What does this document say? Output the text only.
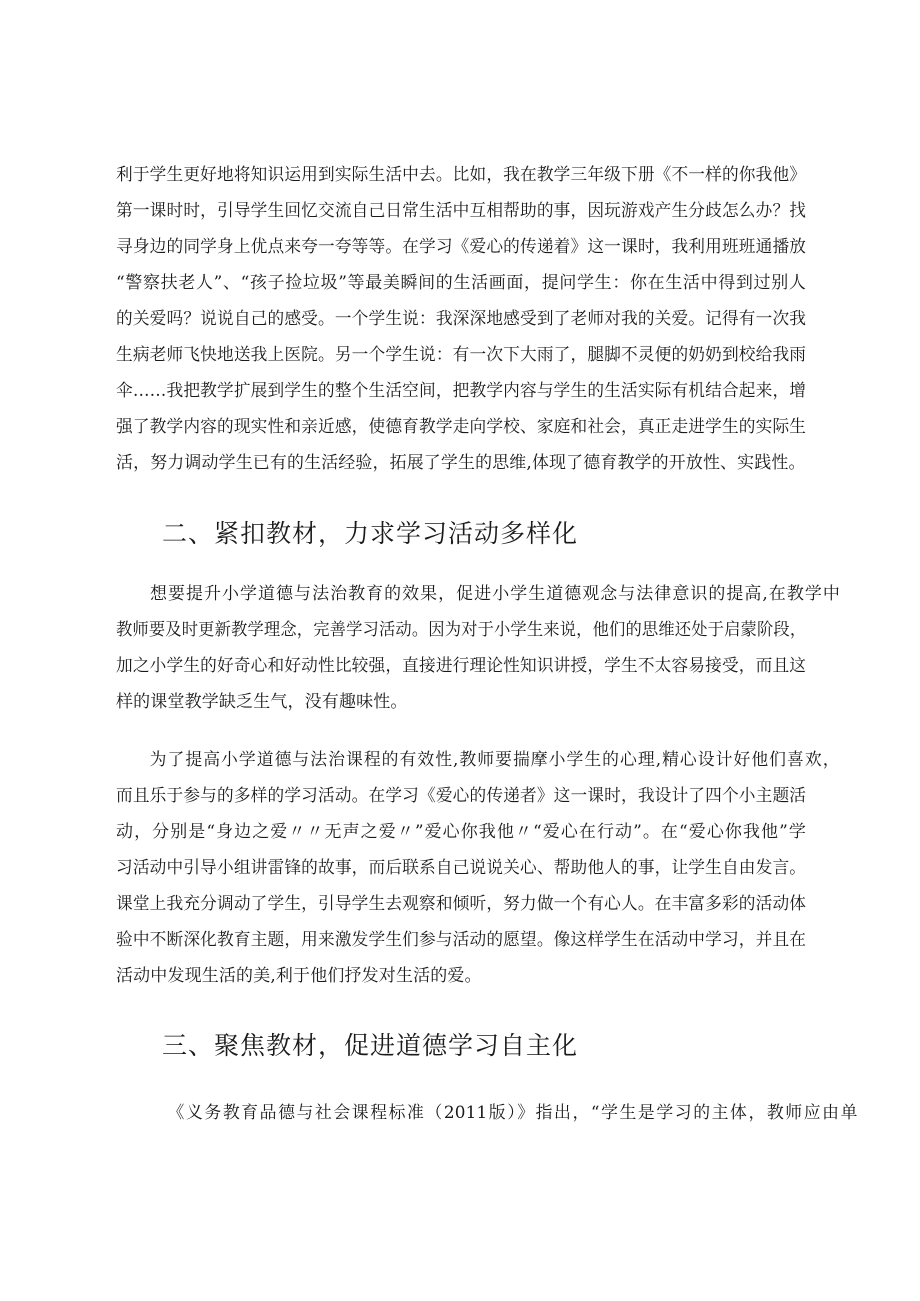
利于学生更好地将知识运用到实际生活中去。比如，我在教学三年级下册《不一样的你我他》
第一课时时，引导学生回忆交流自己日常生活中互相帮助的事，因玩游戏产生分歧怎么办？找
寻身边的同学身上优点来夸一夸等等。在学习《爱心的传递着》这一课时，我利用班班通播放
“警察扶老人”、“孩子捡垃圾”等最美瞬间的生活画面，提问学生：你在生活中得到过别人
的关爱吗？说说自己的感受。一个学生说：我深深地感受到了老师对我的关爱。记得有一次我
生病老师飞快地送我上医院。另一个学生说：有一次下大雨了，腿脚不灵便的奶奶到校给我雨
伞……我把教学扩展到学生的整个生活空间，把教学内容与学生的生活实际有机结合起来，增
强了教学内容的现实性和亲近感，使德育教学走向学校、家庭和社会，真正走进学生的实际生
活，努力调动学生已有的生活经验，拓展了学生的思维,体现了德育教学的开放性、实践性。
二、紧扣教材，力求学习活动多样化
想要提升小学道德与法治教育的效果，促进小学生道德观念与法律意识的提高,在教学中
教师要及时更新教学理念，完善学习活动。因为对于小学生来说，他们的思维还处于启蒙阶段，
加之小学生的好奇心和好动性比较强，直接进行理论性知识讲授，学生不太容易接受，而且这
样的课堂教学缺乏生气，没有趣味性。
为了提高小学道德与法治课程的有效性,教师要揣摩小学生的心理,精心设计好他们喜欢，
而且乐于参与的多样的学习活动。在学习《爱心的传递者》这一课时，我设计了四个小主题活
动，分别是“身边之爱〃〃无声之爱〃”爱心你我他〃“爱心在行动”。在“爱心你我他”学
习活动中引导小组讲雷锋的故事，而后联系自己说说关心、帮助他人的事，让学生自由发言。
课堂上我充分调动了学生，引导学生去观察和倾听，努力做一个有心人。在丰富多彩的活动体
验中不断深化教育主题，用来激发学生们参与活动的愿望。像这样学生在活动中学习，并且在
活动中发现生活的美,利于他们抒发对生活的爱。
三、聚焦教材，促进道德学习自主化
《义务教育品德与社会课程标准（2011版）》指出，“学生是学习的主体，教师应由单
